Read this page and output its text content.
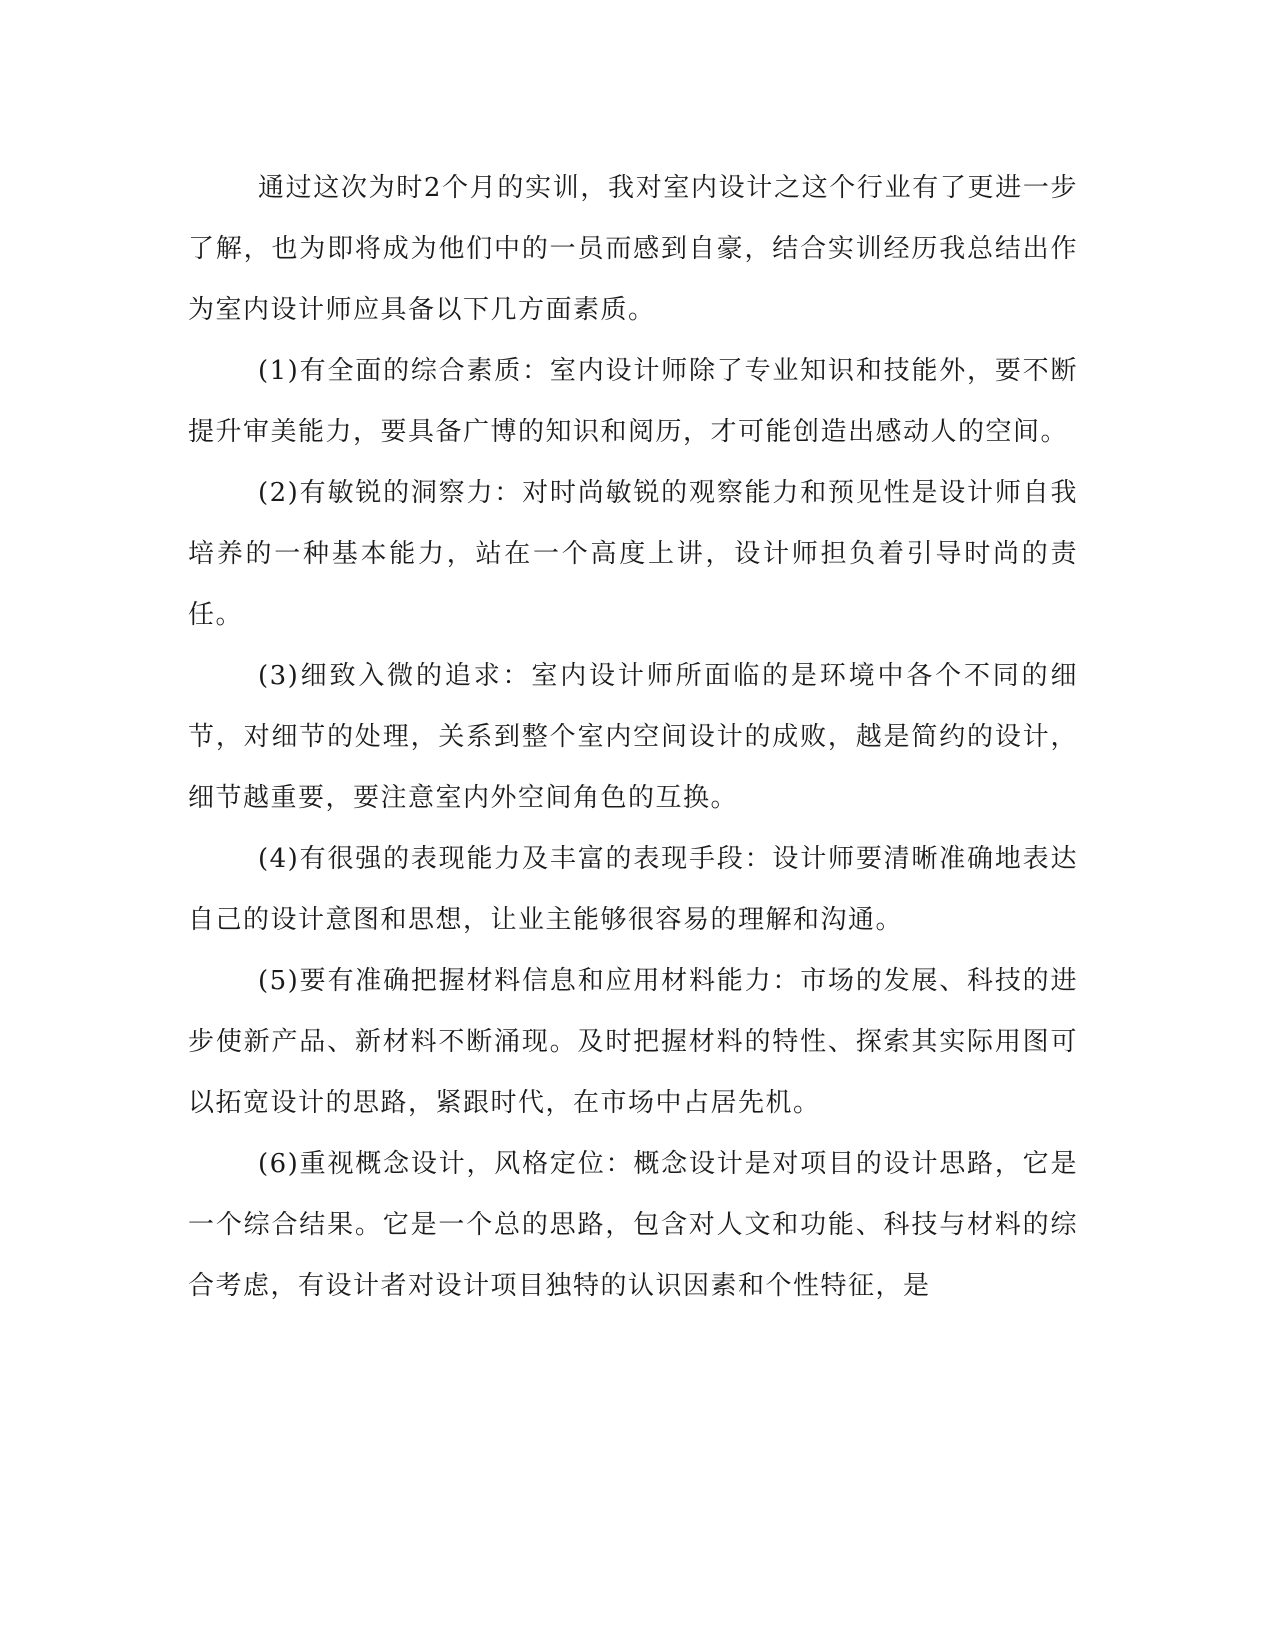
通过这次为时2个月的实训，我对室内设计之这个行业有了更进一步了解，也为即将成为他们中的一员而感到自豪，结合实训经历我总结出作为室内设计师应具备以下几方面素质。

(1)有全面的综合素质：室内设计师除了专业知识和技能外，要不断提升审美能力，要具备广博的知识和阅历，才可能创造出感动人的空间。

(2)有敏锐的洞察力：对时尚敏锐的观察能力和预见性是设计师自我培养的一种基本能力，站在一个高度上讲，设计师担负着引导时尚的责任。

(3)细致入微的追求：室内设计师所面临的是环境中各个不同的细节，对细节的处理，关系到整个室内空间设计的成败，越是简约的设计，细节越重要，要注意室内外空间角色的互换。

(4)有很强的表现能力及丰富的表现手段：设计师要清晰准确地表达自己的设计意图和思想，让业主能够很容易的理解和沟通。

(5)要有准确把握材料信息和应用材料能力：市场的发展、科技的进步使新产品、新材料不断涌现。及时把握材料的特性、探索其实际用图可以拓宽设计的思路，紧跟时代，在市场中占居先机。

(6)重视概念设计，风格定位：概念设计是对项目的设计思路，它是一个综合结果。它是一个总的思路，包含对人文和功能、科技与材料的综合考虑，有设计者对设计项目独特的认识因素和个性特征，是
